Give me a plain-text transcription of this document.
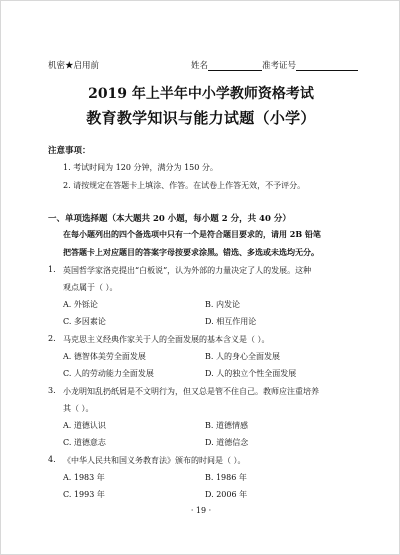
机密★启用前	姓名	准考证号
2019 年上半年中小学教师资格考试
教育教学知识与能力试题（小学）
注意事项：
1. 考试时间为 120 分钟，满分为 150 分。
2. 请按规定在答题卡上填涂、作答。在试卷上作答无效，不予评分。
一、单项选择题（本大题共 20 小题，每小题 2 分，共 40 分）
在每小题列出的四个备选项中只有一个是符合题目要求的，请用 2B 铅笔
把答题卡上对应题目的答案字母按要求涂黑。错选、多选或未选均无分。
1. 英国哲学家洛克提出“白板说”，认为外部的力量决定了人的发展。这种
观点属于（ ）。
A. 外铄论	B. 内发论
C. 多因素论	D. 相互作用论
2. 马克思主义经典作家关于人的全面发展的基本含义是（ ）。
A. 德智体美劳全面发展	B. 人的身心全面发展
C. 人的劳动能力全面发展	D. 人的独立个性全面发展
3. 小龙明知乱扔纸屑是不文明行为，但又总是管不住自己。教师应注重培养
其（ ）。
A. 道德认识	B. 道德情感
C. 道德意志	D. 道德信念
4. 《中华人民共和国义务教育法》颁布的时间是（ ）。
A. 1983 年	B. 1986 年
C. 1993 年	D. 2006 年
· 19 ·
